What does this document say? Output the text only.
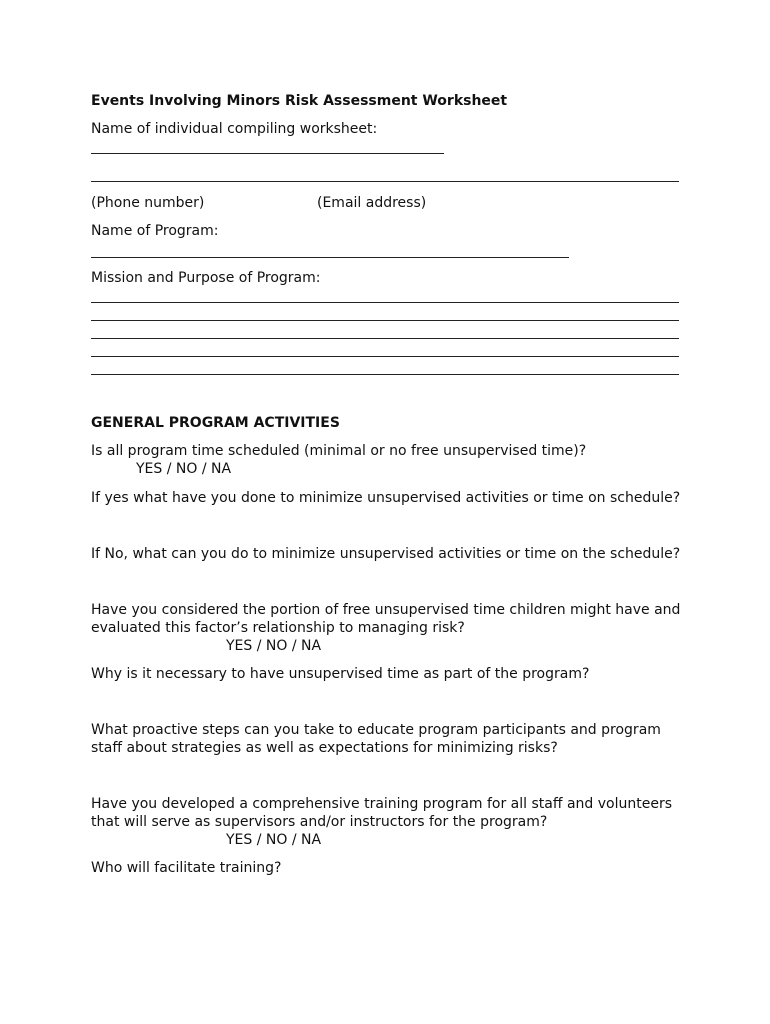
Events Involving Minors Risk Assessment Worksheet
Name of individual compiling worksheet:
(Phone number)	(Email address)
Name of Program:
Mission and Purpose of Program:
GENERAL PROGRAM ACTIVITIES
Is all program time scheduled (minimal or no free unsupervised time)?
YES / NO / NA
If yes what have you done to minimize unsupervised activities or time on schedule?
If No, what can you do to minimize unsupervised activities or time on the schedule?
Have you considered the portion of free unsupervised time children might have and
evaluated this factor’s relationship to managing risk?
YES / NO / NA
Why is it necessary to have unsupervised time as part of the program?
What proactive steps can you take to educate program participants and program
staff about strategies as well as expectations for minimizing risks?
Have you developed a comprehensive training program for all staff and volunteers
that will serve as supervisors and/or instructors for the program?
YES / NO / NA
Who will facilitate training?
